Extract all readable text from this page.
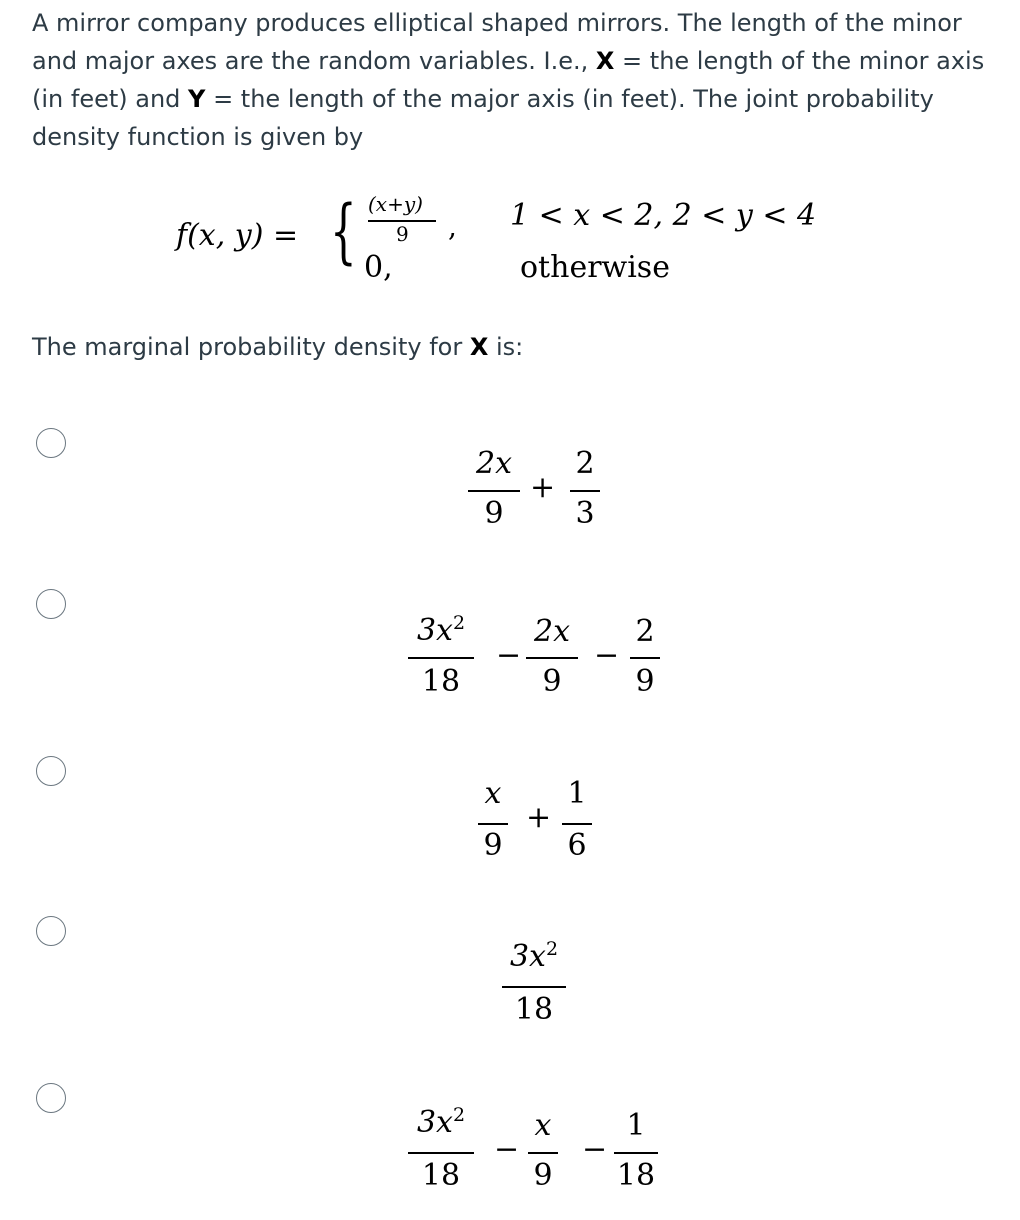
A mirror company produces elliptical shaped mirrors. The length of the minor and major axes are the random variables. I.e., X = the length of the minor axis (in feet) and Y = the length of the major axis (in feet). The joint probability density function is given by

f(x, y) = { (x+y)
9 , 1 < x < 2, 2 < y < 4
0,	otherwise

The marginal probability density for X is:

2x
9
+
2
3
$3x^2$
18
−
2x
9
−
2
9
x
9
+
1
6
$3x^2$
18
$3x^2$
18
−
x
9
−
1
18
